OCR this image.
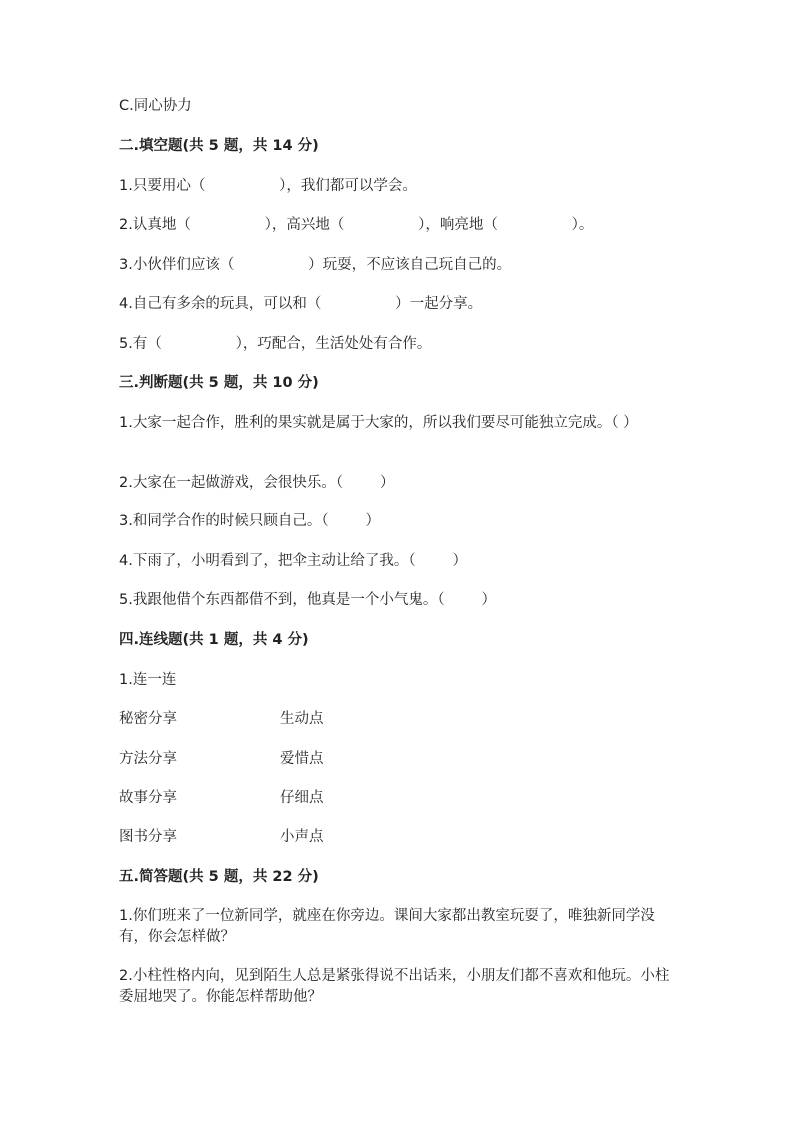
C.同心协力
二.填空题(共 5 题，共 14 分)
1.只要用心（                ），我们都可以学会。
2.认真地（                ），高兴地（                ），响亮地（                ）。
3.小伙伴们应该（                ）玩耍，不应该自己玩自己的。
4.自己有多余的玩具，可以和（                ）一起分享。
5.有（                ），巧配合，生活处处有合作。
三.判断题(共 5 题，共 10 分)
1.大家一起合作，胜利的果实就是属于大家的，所以我们要尽可能独立完成。（ ）
2.大家在一起做游戏，会很快乐。（        ）
3.和同学合作的时候只顾自己。（        ）
4.下雨了，小明看到了，把伞主动让给了我。（        ）
5.我跟他借个东西都借不到，他真是一个小气鬼。（        ）
四.连线题(共 1 题，共 4 分)
1.连一连
秘密分享	生动点
方法分享	爱惜点
故事分享	仔细点
图书分享	小声点
五.简答题(共 5 题，共 22 分)
1.你们班来了一位新同学，就座在你旁边。课间大家都出教室玩耍了，唯独新同学没有，你会怎样做？
2.小柱性格内向，见到陌生人总是紧张得说不出话来，小朋友们都不喜欢和他玩。小柱委屈地哭了。你能怎样帮助他？
